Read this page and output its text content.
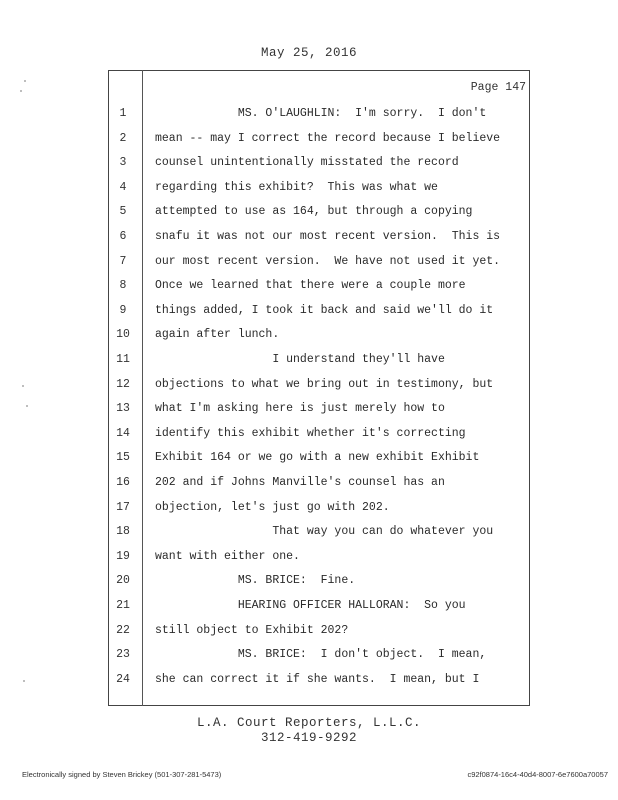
May 25, 2016
Page 147
1	MS. O'LAUGHLIN:  I'm sorry.  I don't
2	mean -- may I correct the record because I believe
3	counsel unintentionally misstated the record
4	regarding this exhibit?  This was what we
5	attempted to use as 164, but through a copying
6	snafu it was not our most recent version.  This is
7	our most recent version.  We have not used it yet.
8	Once we learned that there were a couple more
9	things added, I took it back and said we'll do it
10	again after lunch.
11	I understand they'll have
12	objections to what we bring out in testimony, but
13	what I'm asking here is just merely how to
14	identify this exhibit whether it's correcting
15	Exhibit 164 or we go with a new exhibit Exhibit
16	202 and if Johns Manville's counsel has an
17	objection, let's just go with 202.
18	That way you can do whatever you
19	want with either one.
20	MS. BRICE:  Fine.
21	HEARING OFFICER HALLORAN:  So you
22	still object to Exhibit 202?
23	MS. BRICE:  I don't object.  I mean,
24	she can correct it if she wants.  I mean, but I
L.A. Court Reporters, L.L.C.
312-419-9292
Electronically signed by Steven Brickey (501-307-281-5473)	c92f0874-16c4-40d4-8007-6e7600a70057
